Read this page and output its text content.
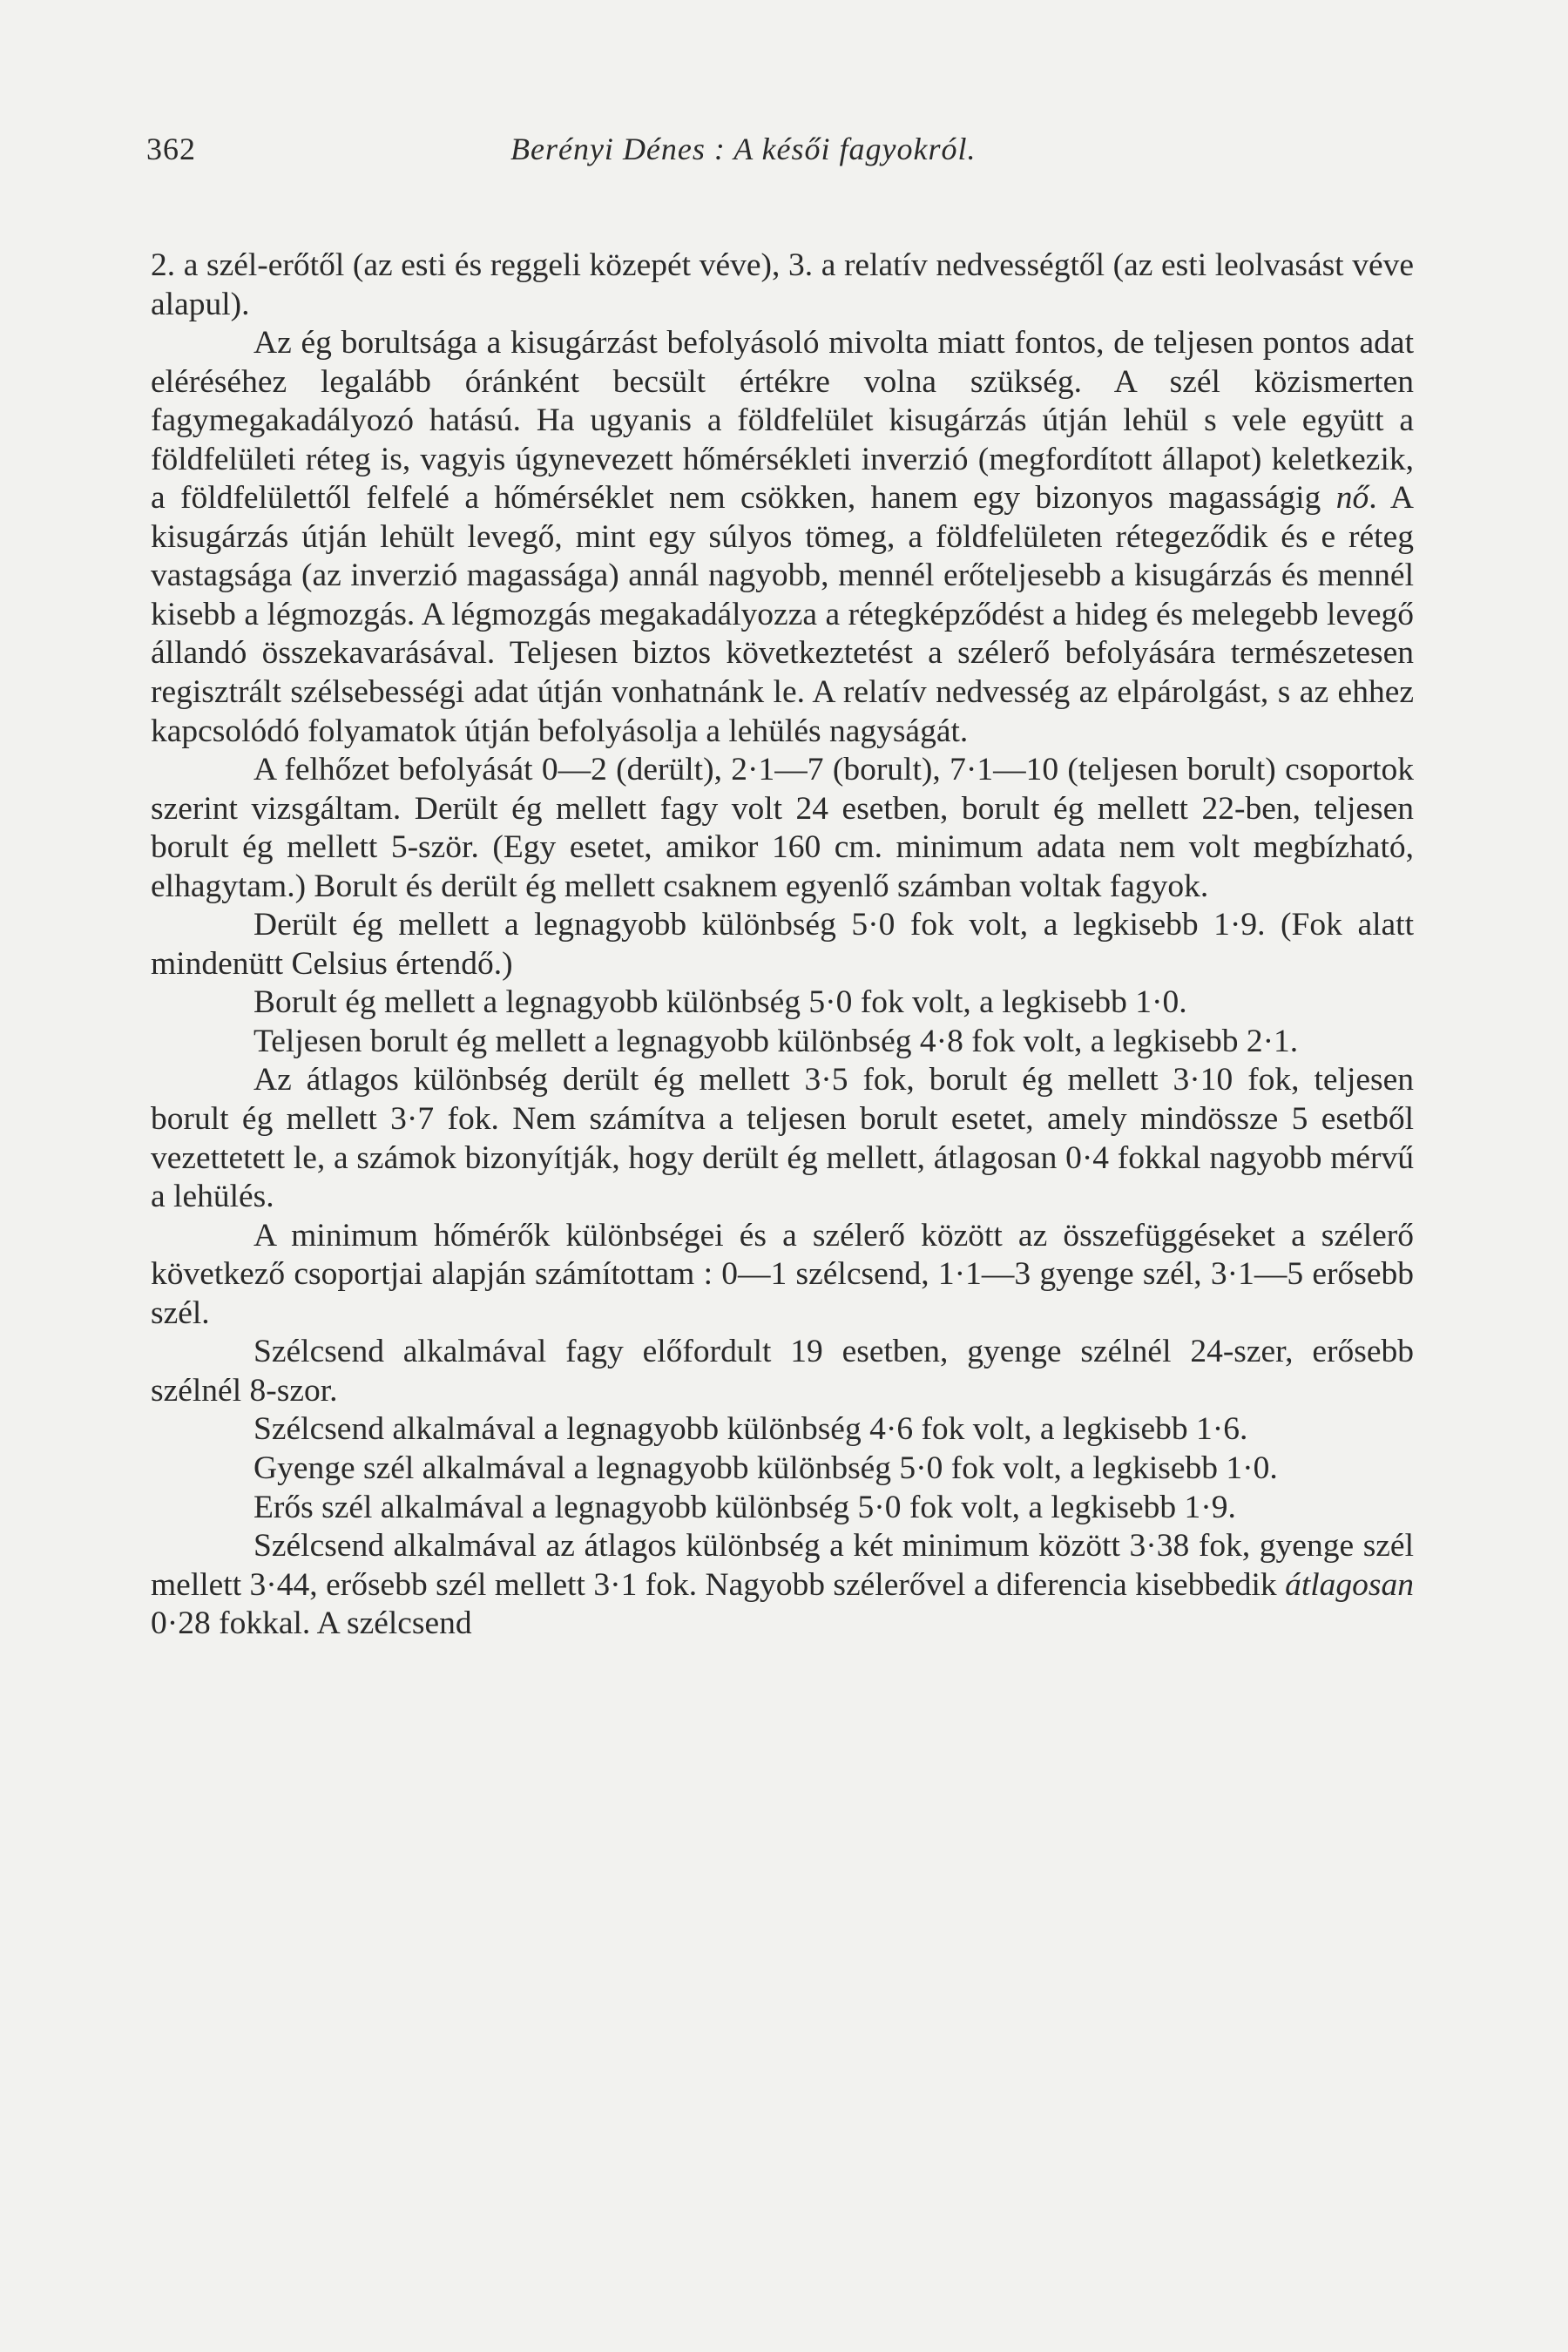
362	Berényi Dénes : A késői fagyokról.

2. a szél-erőtől (az esti és reggeli közepét véve), 3. a relatív nedvességtől (az esti leolvasást véve alapul).

Az ég borultsága a kisugárzást befolyásoló mivolta miatt fontos, de teljesen pontos adat eléréséhez legalább óránként becsült értékre volna szükség. A szél közismerten fagymegakadályozó hatású. Ha ugyanis a földfelület kisugárzás útján lehül s vele együtt a földfelületi réteg is, vagyis úgynevezett hőmérsékleti inverzió (megfordított állapot) keletkezik, a földfelülettől felfelé a hőmérséklet nem csökken, hanem egy bizonyos magasságig nő. A kisugárzás útján lehült levegő, mint egy súlyos tömeg, a földfelületen rétegeződik és e réteg vastagsága (az inverzió magassága) annál nagyobb, mennél erőteljesebb a kisugárzás és mennél kisebb a légmozgás. A légmozgás megakadályozza a rétegképződést a hideg és melegebb levegő állandó összekavarásával. Teljesen biztos következtetést a szélerő befolyására természetesen regisztrált szélsebességi adat útján vonhatnánk le. A relatív nedvesség az elpárolgást, s az ehhez kapcsolódó folyamatok útján befolyásolja a lehülés nagyságát.

A felhőzet befolyását 0—2 (derült), 2·1—7 (borult), 7·1—10 (teljesen borult) csoportok szerint vizsgáltam. Derült ég mellett fagy volt 24 esetben, borult ég mellett 22-ben, teljesen borult ég mellett 5-ször. (Egy esetet, amikor 160 cm. minimum adata nem volt megbízható, elhagytam.) Borult és derült ég mellett csaknem egyenlő számban voltak fagyok.

Derült ég mellett a legnagyobb különbség 5·0 fok volt, a legkisebb 1·9. (Fok alatt mindenütt Celsius értendő.)

Borult ég mellett a legnagyobb különbség 5·0 fok volt, a legkisebb 1·0.

Teljesen borult ég mellett a legnagyobb különbség 4·8 fok volt, a legkisebb 2·1.

Az átlagos különbség derült ég mellett 3·5 fok, borult ég mellett 3·10 fok, teljesen borult ég mellett 3·7 fok. Nem számítva a teljesen borult esetet, amely mindössze 5 esetből vezettetett le, a számok bizonyítják, hogy derült ég mellett, átlagosan 0·4 fokkal nagyobb mérvű a lehülés.

A minimum hőmérők különbségei és a szélerő között az összefüggéseket a szélerő következő csoportjai alapján számítottam : 0—1 szélcsend, 1·1—3 gyenge szél, 3·1—5 erősebb szél.

Szélcsend alkalmával fagy előfordult 19 esetben, gyenge szélnél 24-szer, erősebb szélnél 8-szor.

Szélcsend alkalmával a legnagyobb különbség 4·6 fok volt, a legkisebb 1·6.

Gyenge szél alkalmával a legnagyobb különbség 5·0 fok volt, a legkisebb 1·0.

Erős szél alkalmával a legnagyobb különbség 5·0 fok volt, a legkisebb 1·9.

Szélcsend alkalmával az átlagos különbség a két minimum között 3·38 fok, gyenge szél mellett 3·44, erősebb szél mellett 3·1 fok. Nagyobb szélerővel a diferencia kisebbedik átlagosan 0·28 fokkal. A szélcsend
